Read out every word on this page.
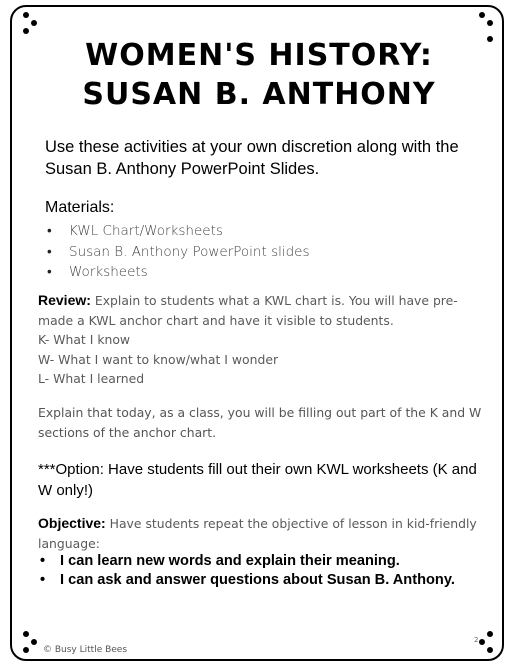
WOMEN'S HISTORY:
SUSAN B. ANTHONY
Use these activities at your own discretion along with the Susan B. Anthony PowerPoint Slides.
Materials:
• KWL Chart/Worksheets
• Susan B. Anthony PowerPoint slides
• Worksheets
Review: Explain to students what a KWL chart is. You will have pre-made a KWL anchor chart and have it visible to students.
K- What I know
W- What I want to know/what I wonder
L- What I learned
Explain that today, as a class, you will be filling out part of the K and W sections of the anchor chart.
***Option: Have students fill out their own KWL worksheets (K and W only!)
Objective: Have students repeat the objective of lesson in kid-friendly language:
• I can learn new words and explain their meaning.
• I can ask and answer questions about Susan B. Anthony.
© Busy Little Bees
2
